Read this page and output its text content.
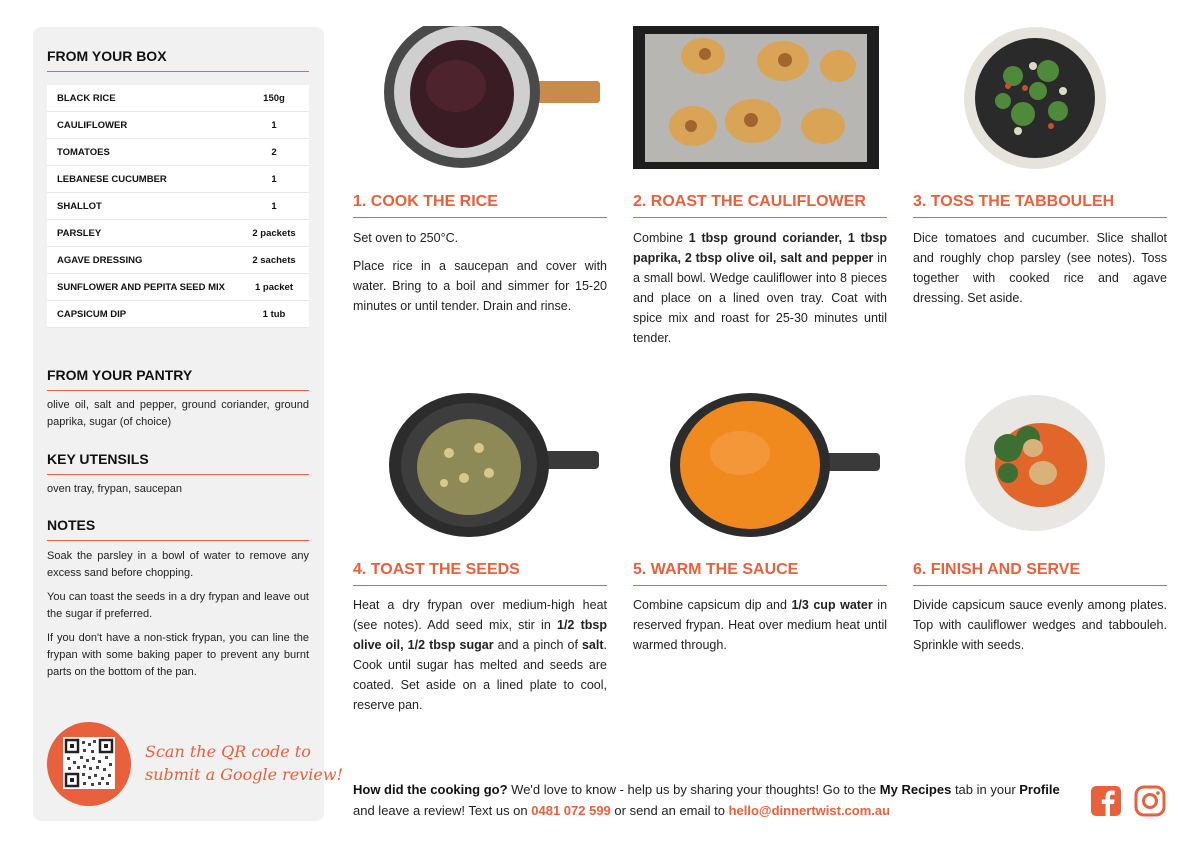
FROM YOUR BOX
BLACK RICE	150g
CAULIFLOWER	1
TOMATOES	2
LEBANESE CUCUMBER	1
SHALLOT	1
PARSLEY	2 packets
AGAVE DRESSING	2 sachets
SUNFLOWER AND PEPITA SEED MIX	1 packet
CAPSICUM DIP	1 tub
FROM YOUR PANTRY
olive oil, salt and pepper, ground coriander, ground paprika, sugar (of choice)
KEY UTENSILS
oven tray, frypan, saucepan
NOTES

Soak the parsley in a bowl of water to remove any excess sand before chopping.

You can toast the seeds in a dry frypan and leave out the sugar if preferred.

If you don't have a non-stick frypan, you can line the frypan with some baking paper to prevent any burnt parts on the bottom of the pan.

Scan the QR code to
submit a Google review!
1. COOK THE RICE	2. ROAST THE CAULIFLOWER	3. TOSS THE TABBOULEH
4. TOAST THE SEEDS	5. WARM THE SAUCE	6. FINISH AND SERVE

Set oven to 250°C.

Place rice in a saucepan and cover with water. Bring to a boil and simmer for 15-20 minutes or until tender. Drain and rinse.

Combine 1 tbsp ground coriander, 1 tbsp paprika, 2 tbsp olive oil, salt and pepper in a small bowl. Wedge cauliflower into 8 pieces and place on a lined oven tray. Coat with spice mix and roast for 25-30 minutes until tender.

Dice tomatoes and cucumber. Slice shallot and roughly chop parsley (see notes). Toss together with cooked rice and agave dressing. Set aside.

Heat a dry frypan over medium-high heat (see notes). Add seed mix, stir in 1/2 tbsp olive oil, 1/2 tbsp sugar and a pinch of salt. Cook until sugar has melted and seeds are coated. Set aside on a lined plate to cool, reserve pan.

Combine capsicum dip and 1/3 cup water in reserved frypan. Heat over medium heat until warmed through.

Divide capsicum sauce evenly among plates. Top with cauliflower wedges and tabbouleh. Sprinkle with seeds.

How did the cooking go? We'd love to know - help us by sharing your thoughts! Go to the My Recipes tab in your Profile and leave a review! Text us on 0481 072 599 or send an email to hello@dinnertwist.com.au
